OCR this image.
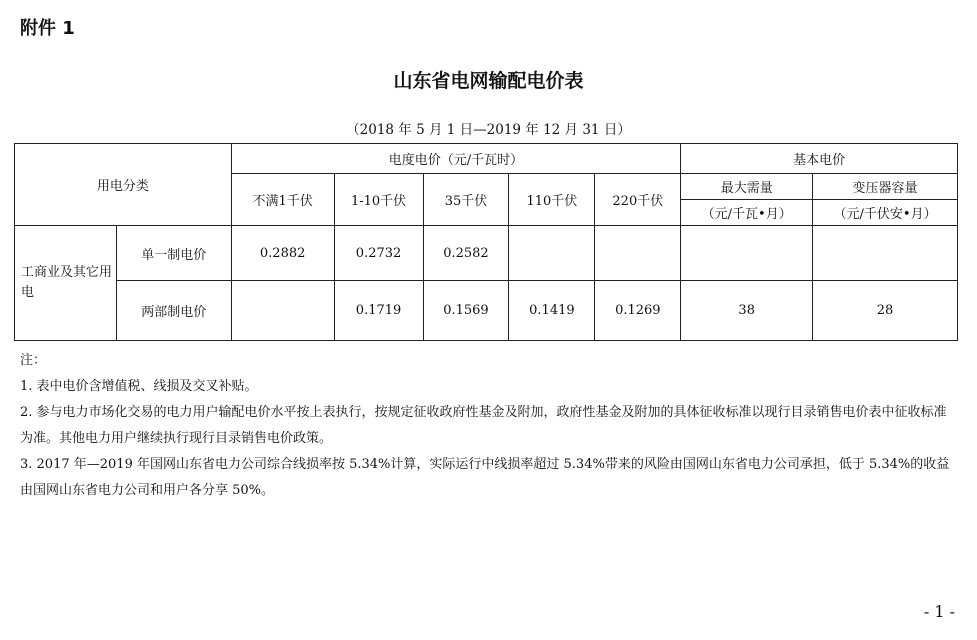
附件 1
山东省电网输配电价表
（2018 年 5 月 1 日—2019 年 12 月 31 日）
用电分类		电度电价（元/千瓦时）					基本电价	
		不满1千伏	1-10千伏	35千伏	110千伏	220千伏	最大需量	变压器容量
							（元/千瓦•月）	（元/千伏安•月）
工商业及其它用电	单一制电价	0.2882	0.2732	0.2582				
	两部制电价		0.1719	0.1569	0.1419	0.1269	38	28

注：

1. 表中电价含增值税、线损及交叉补贴。

2. 参与电力市场化交易的电力用户输配电价水平按上表执行，按规定征收政府性基金及附加，政府性基金及附加的具体征收标准以现行目录销售电价表中征收标准为准。其他电力用户继续执行现行目录销售电价政策。

3. 2017 年—2019 年国网山东省电力公司综合线损率按 5.34%计算，实际运行中线损率超过 5.34%带来的风险由国网山东省电力公司承担，低于 5.34%的收益由国网山东省电力公司和用户各分享 50%。

- 1 -
